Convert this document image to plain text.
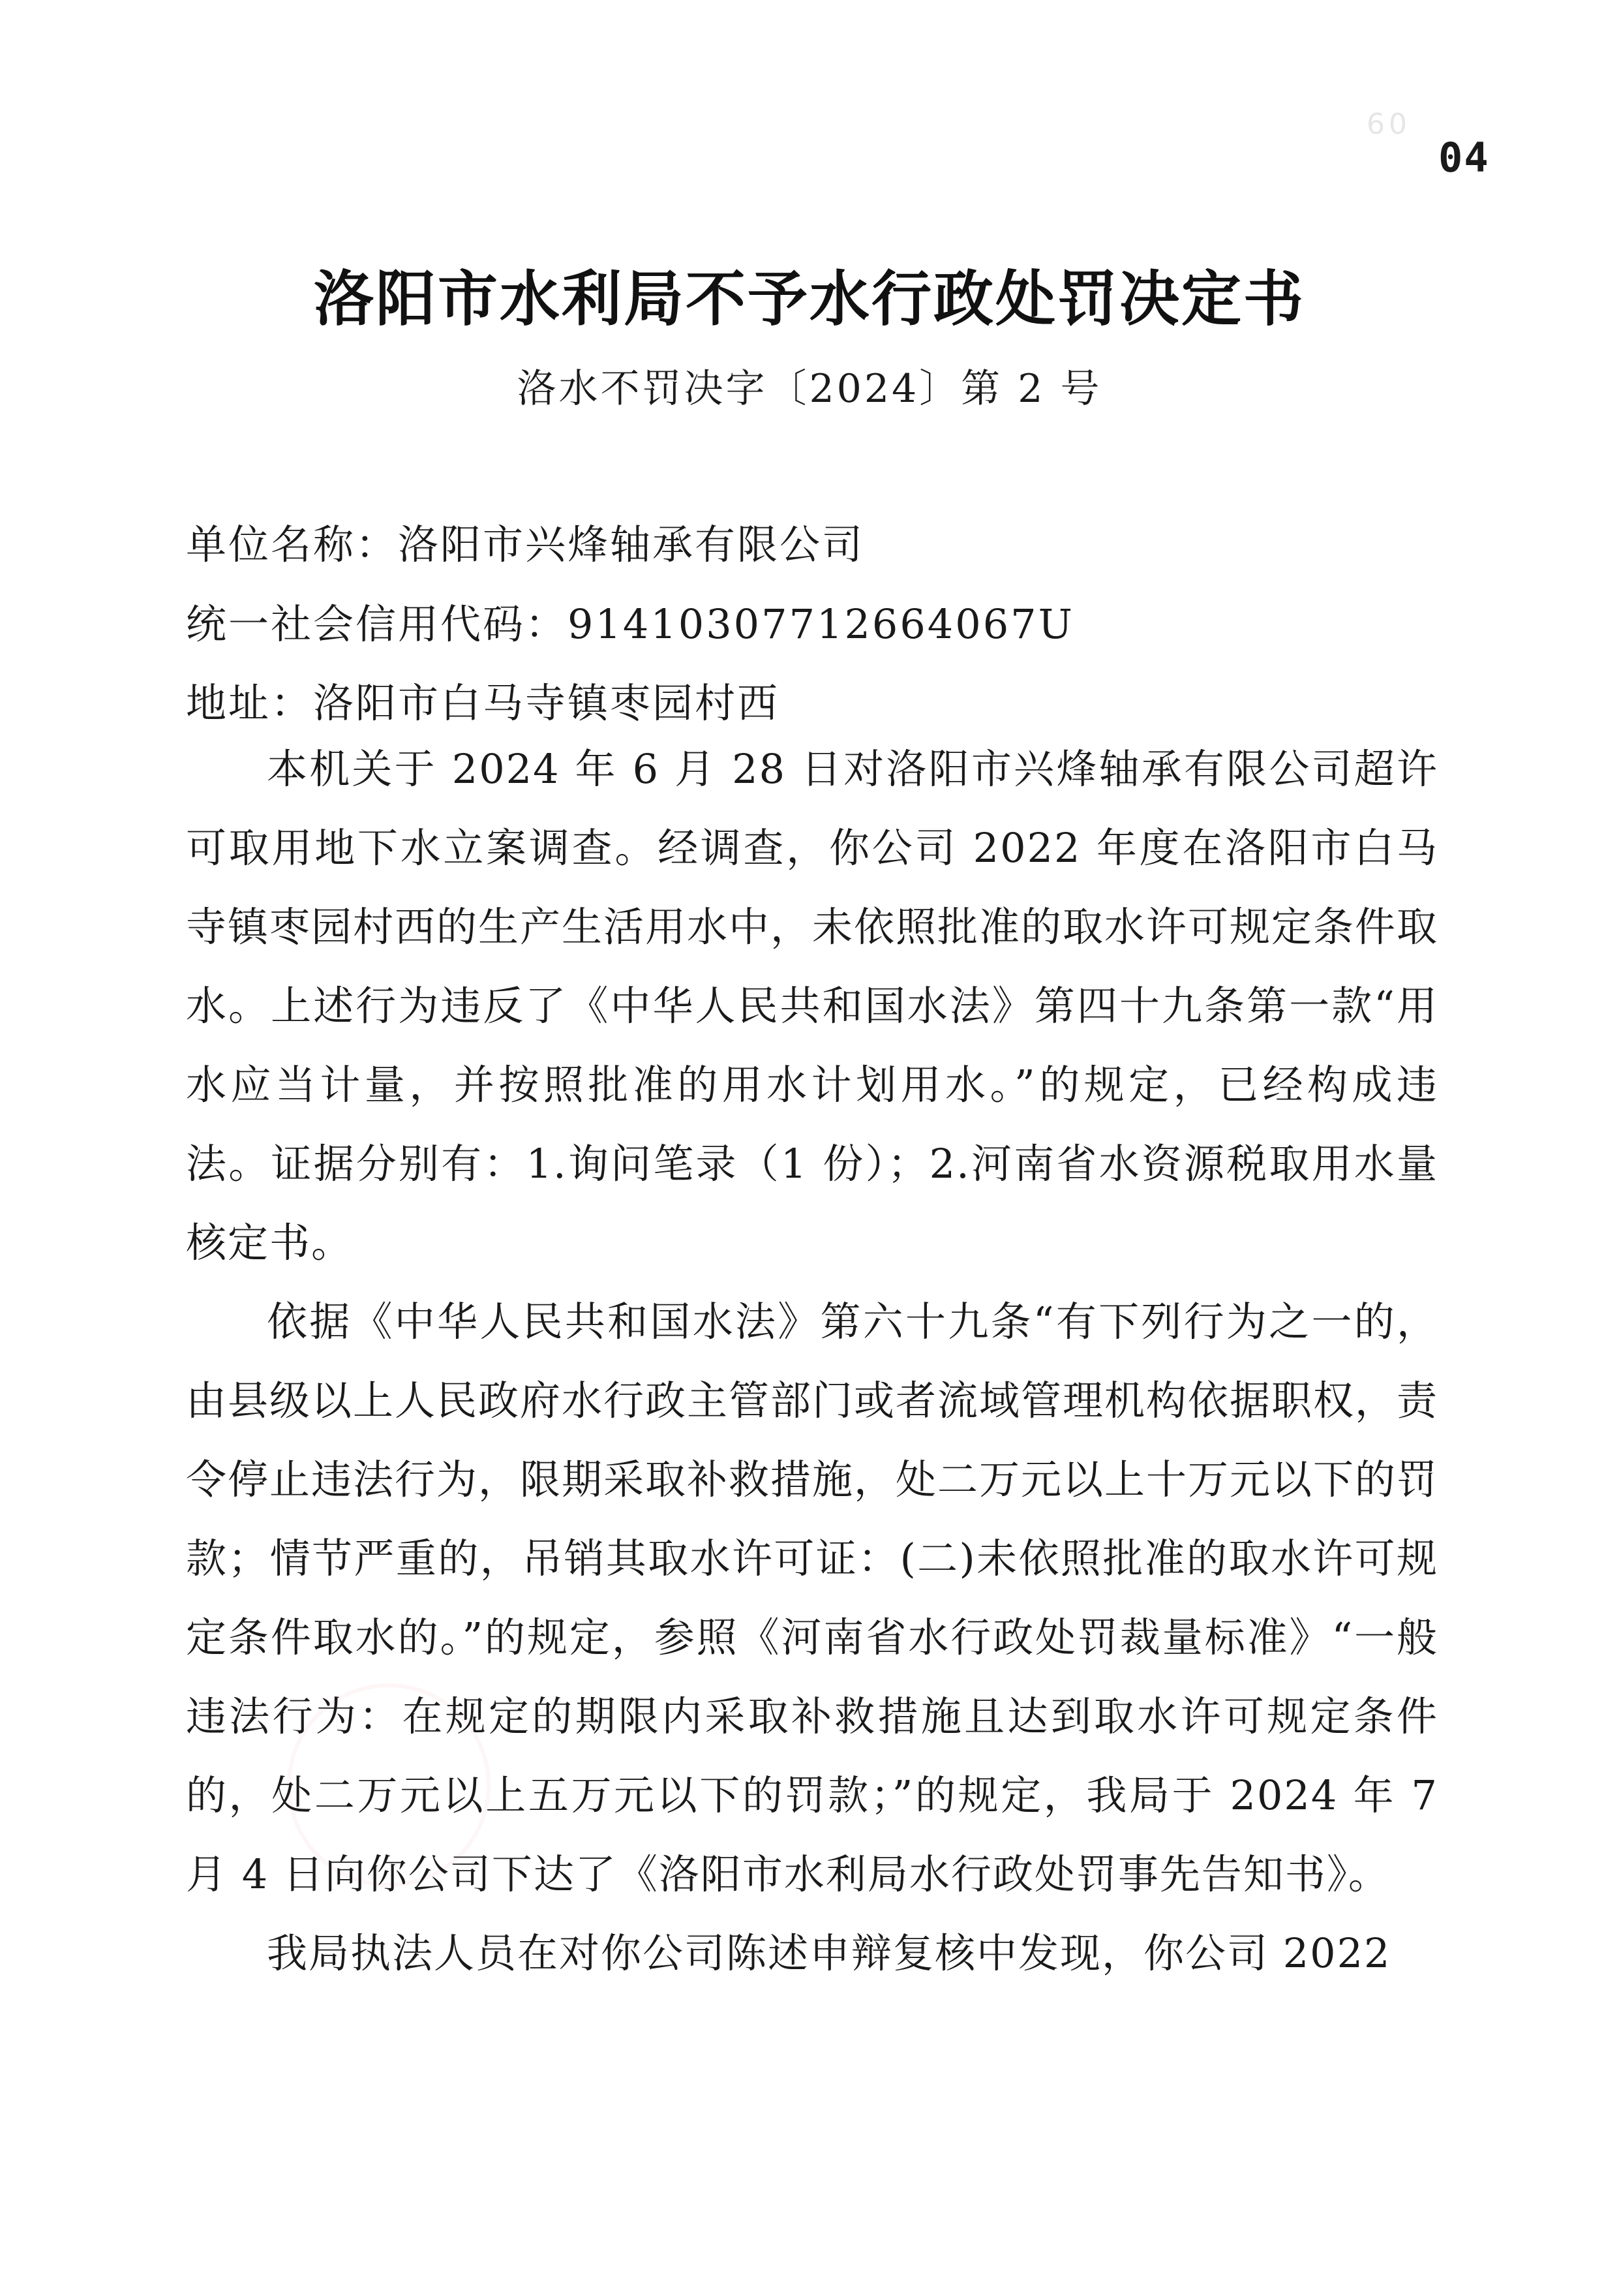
60
04
洛阳市水利局不予水行政处罚决定书
洛水不罚决字〔2024〕第 2 号
单位名称：洛阳市兴烽轴承有限公司
统一社会信用代码：91410307712664067U
地址：洛阳市白马寺镇枣园村西

本机关于 2024 年 6 月 28 日对洛阳市兴烽轴承有限公司超许可取用地下水立案调查。经调查，你公司 2022 年度在洛阳市白马寺镇枣园村西的生产生活用水中，未依照批准的取水许可规定条件取水。上述行为违反了《中华人民共和国水法》第四十九条第一款“用水应当计量，并按照批准的用水计划用水。”的规定，已经构成违法。证据分别有：1.询问笔录（1 份）；2.河南省水资源税取用水量核定书。

依据《中华人民共和国水法》第六十九条“有下列行为之一的，由县级以上人民政府水行政主管部门或者流域管理机构依据职权，责令停止违法行为，限期采取补救措施，处二万元以上十万元以下的罚款；情节严重的，吊销其取水许可证：(二)未依照批准的取水许可规定条件取水的。”的规定，参照《河南省水行政处罚裁量标准》“一般违法行为：在规定的期限内采取补救措施且达到取水许可规定条件的，处二万元以上五万元以下的罚款；”的规定，我局于 2024 年 7 月 4 日向你公司下达了《洛阳市水利局水行政处罚事先告知书》。

我局执法人员在对你公司陈述申辩复核中发现，你公司 2022
